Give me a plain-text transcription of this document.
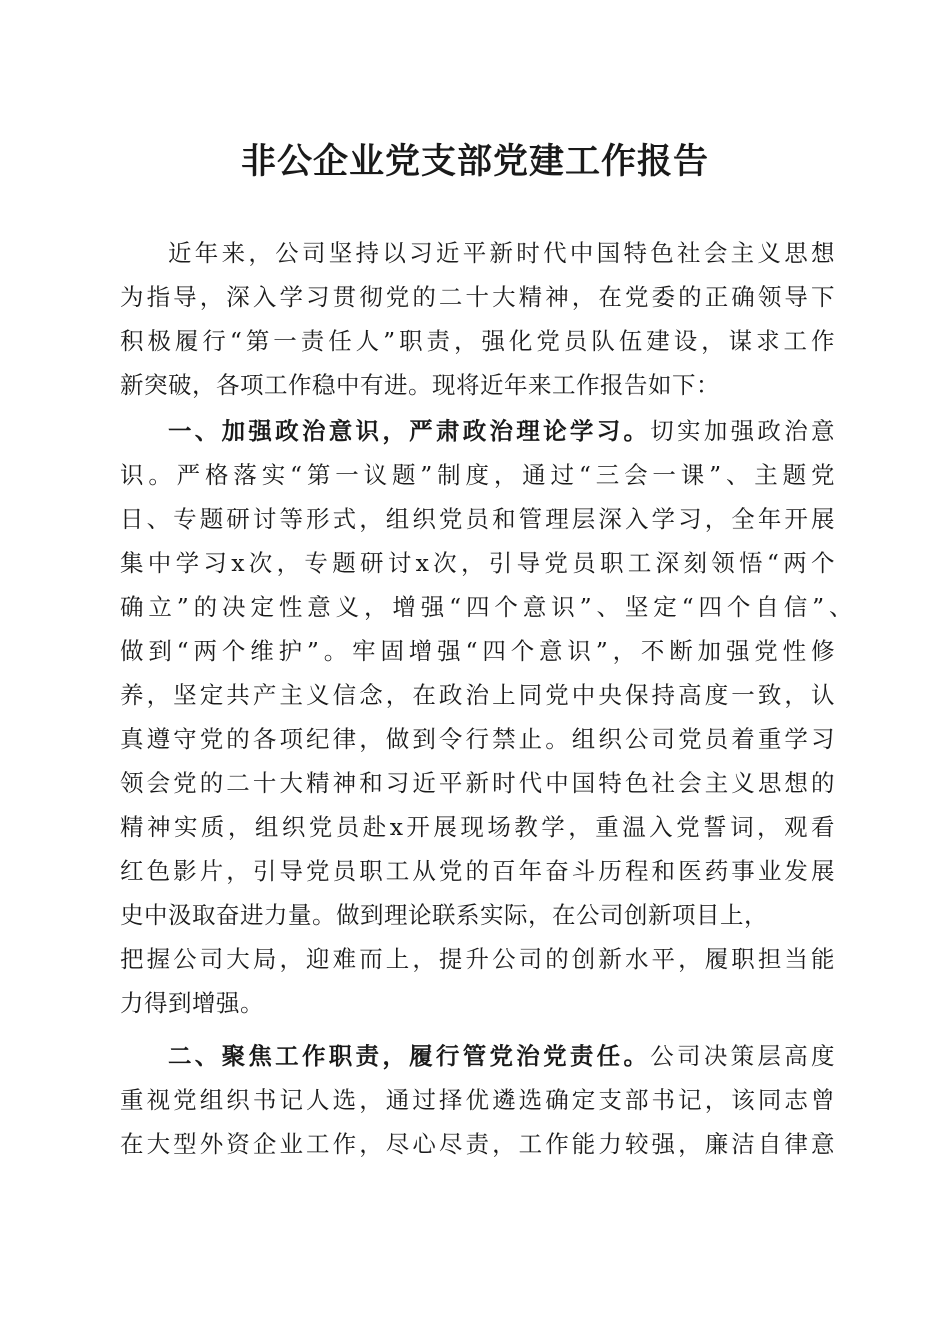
非公企业党支部党建工作报告
近年来，公司坚持以习近平新时代中国特色社会主义思想
为指导，深入学习贯彻党的二十大精神，在党委的正确领导下
积极履行“第一责任人”职责，强化党员队伍建设，谋求工作
新突破，各项工作稳中有进。现将近年来工作报告如下：
一、加强政治意识，严肃政治理论学习。切实加强政治意
识。严格落实“第一议题”制度，通过“三会一课”、主题党
日、专题研讨等形式，组织党员和管理层深入学习，全年开展
集中学习x次，专题研讨x次，引导党员职工深刻领悟“两个
确立”的决定性意义，增强“四个意识”、坚定“四个自信”、
做到“两个维护”。牢固增强“四个意识”，不断加强党性修
养，坚定共产主义信念，在政治上同党中央保持高度一致，认
真遵守党的各项纪律，做到令行禁止。组织公司党员着重学习
领会党的二十大精神和习近平新时代中国特色社会主义思想的
精神实质，组织党员赴x开展现场教学，重温入党誓词，观看
红色影片，引导党员职工从党的百年奋斗历程和医药事业发展
史中汲取奋进力量。做到理论联系实际，在公司创新项目上，
把握公司大局，迎难而上，提升公司的创新水平，履职担当能
力得到增强。
二、聚焦工作职责，履行管党治党责任。公司决策层高度
重视党组织书记人选，通过择优遴选确定支部书记，该同志曾
在大型外资企业工作，尽心尽责，工作能力较强，廉洁自律意
